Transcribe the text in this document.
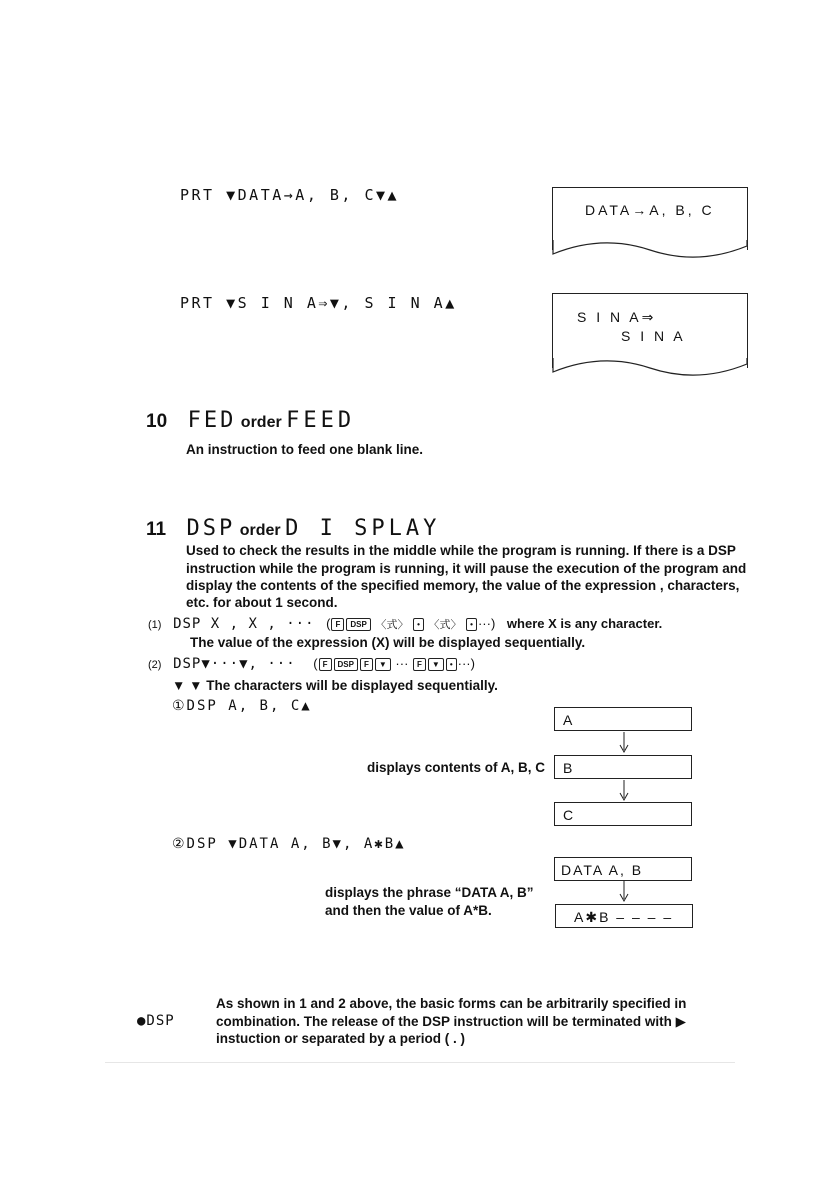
PRT ▼DATA→A, B, C▼▲
DATA→A, B, C
PRT ▼S I N A⇒▼, S I N A▲
S I N A⇒
S I N A
10 FED order FEED
An instruction to feed one blank line.
11 DSP order D I SPLAY
Used to check the results in the middle while the program is running. If there is a DSP
instruction while the program is running, it will pause the execution of the program and
display the contents of the specified memory, the value of the expression , characters,
etc. for about 1 second.
(1) DSP X , X , ··· ( F DSP 〈式〉 • 〈式〉 • ···) where X is any character.
The value of the expression (X) will be displayed sequentially.
(2) DSP▼···▼, ··· ( F DSP F ▼ ··· F ▼ • ···)
▼ ▼ The characters will be displayed sequentially.
①DSP A, B, C▲
displays contents of A, B, C
A
B
C
②DSP ▼DATA A, B▼, A✱B▲
DATA A, B
displays the phrase “DATA A, B”
and then the value of A*B.	A✱B – – – –
As shown in 1 and 2 above, the basic forms can be arbitrarily specified in
●DSP	combination. The release of the DSP instruction will be terminated with ▶
instuction or separated by a period ( . )
